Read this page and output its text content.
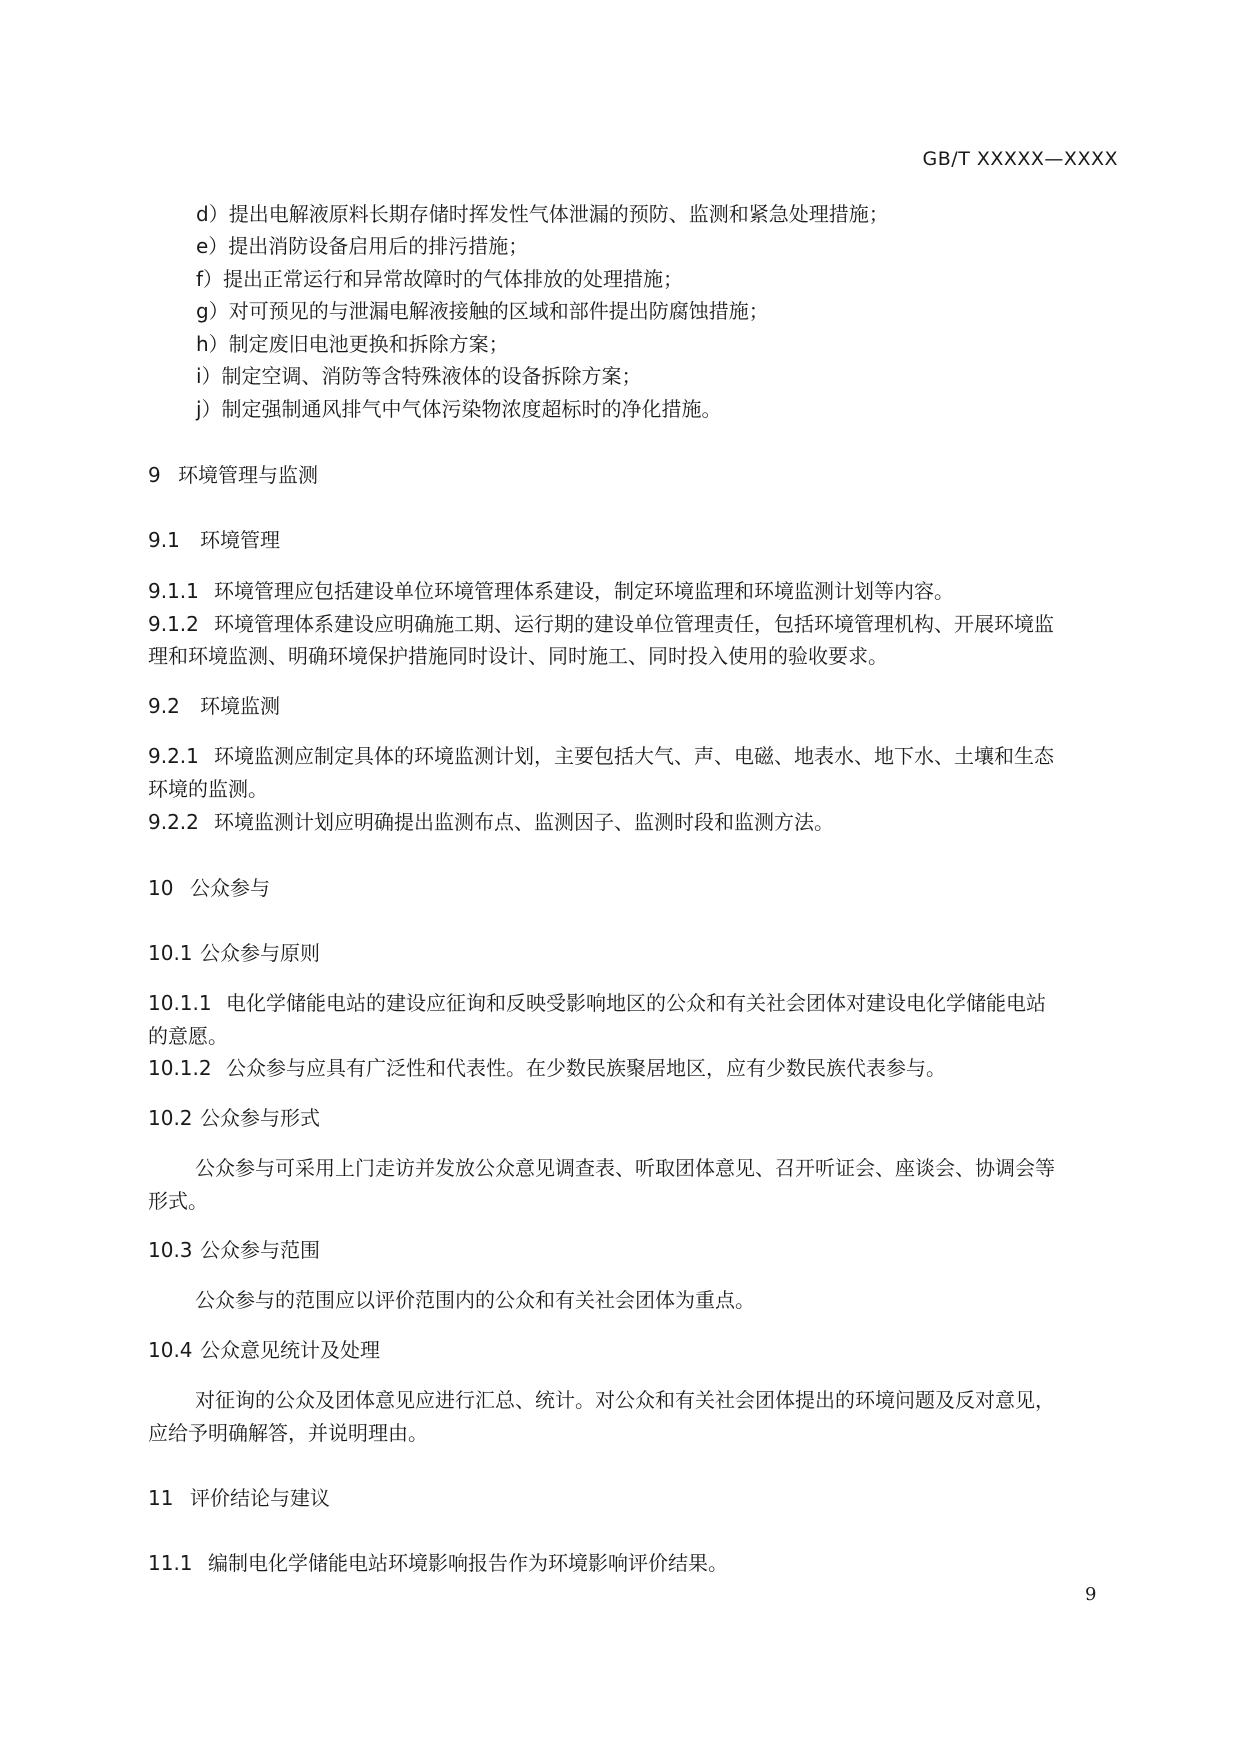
GB/T XXXXX—XXXX
d）提出电解液原料长期存储时挥发性气体泄漏的预防、监测和紧急处理措施；
e）提出消防设备启用后的排污措施；
f）提出正常运行和异常故障时的气体排放的处理措施；
g）对可预见的与泄漏电解液接触的区域和部件提出防腐蚀措施；
h）制定废旧电池更换和拆除方案；
i）制定空调、消防等含特殊液体的设备拆除方案；
j）制定强制通风排气中气体污染物浓度超标时的净化措施。
9 环境管理与监测
9.1 环境管理
9.1.1 环境管理应包括建设单位环境管理体系建设，制定环境监理和环境监测计划等内容。
9.1.2 环境管理体系建设应明确施工期、运行期的建设单位管理责任，包括环境管理机构、开展环境监
理和环境监测、明确环境保护措施同时设计、同时施工、同时投入使用的验收要求。
9.2 环境监测
9.2.1 环境监测应制定具体的环境监测计划，主要包括大气、声、电磁、地表水、地下水、土壤和生态
环境的监测。
9.2.2 环境监测计划应明确提出监测布点、监测因子、监测时段和监测方法。
10 公众参与
10.1 公众参与原则
10.1.1 电化学储能电站的建设应征询和反映受影响地区的公众和有关社会团体对建设电化学储能电站
的意愿。
10.1.2 公众参与应具有广泛性和代表性。在少数民族聚居地区，应有少数民族代表参与。
10.2 公众参与形式
公众参与可采用上门走访并发放公众意见调查表、听取团体意见、召开听证会、座谈会、协调会等
形式。
10.3 公众参与范围
公众参与的范围应以评价范围内的公众和有关社会团体为重点。
10.4 公众意见统计及处理
对征询的公众及团体意见应进行汇总、统计。对公众和有关社会团体提出的环境问题及反对意见，
应给予明确解答，并说明理由。
11 评价结论与建议
11.1 编制电化学储能电站环境影响报告作为环境影响评价结果。
9
